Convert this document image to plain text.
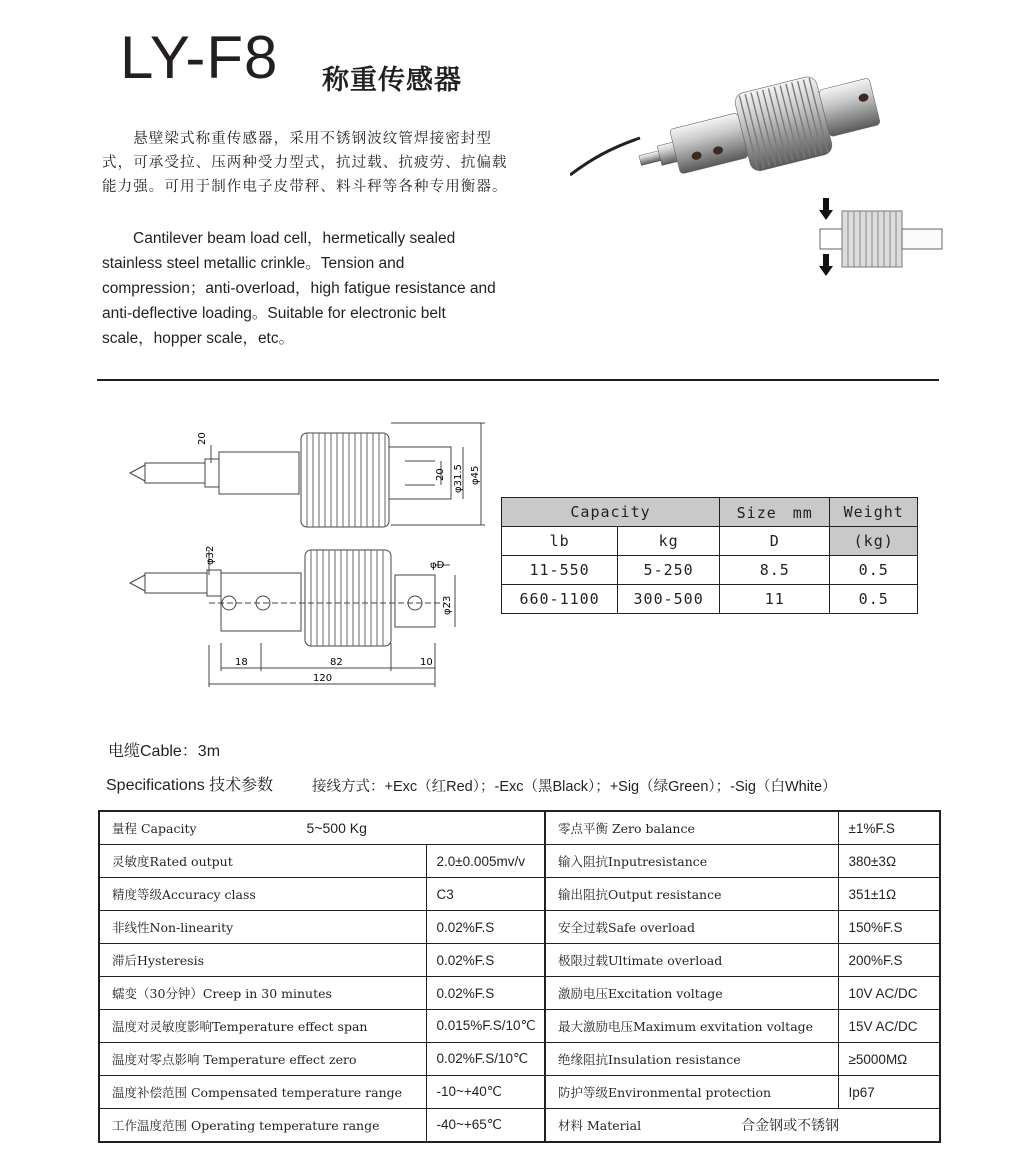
LY-F8 称重传感器
　　悬壁梁式称重传感器，采用不锈钢波纹管焊接密封型
式，可承受拉、压两种受力型式，抗过载、抗疲劳、抗偏载
能力强。可用于制作电子皮带秤、料斗秤等各种专用衡器。
　　Cantilever beam load cell，hermetically sealed
stainless steel metallic crinkle。Tension and
compression；anti-overload，high fatigue resistance and
anti-deflective loading。Suitable for electronic belt
scale，hopper scale，etc。
20
20 φ31.5 φ45
φ32
φD
φ23
18	82	10
120
Capacity		Size　mm	Weight
lb	kg	D	(kg)
11-550	5-250	8.5	0.5
660-1100	300-500	11	0.5
电缆Cable：3m
Specifications 技术参数	接线方式：+Exc（红Red）；-Exc（黑Black）；+Sig（绿Green）；-Sig（白White）
量程 Capacity 5~500 Kg		零点平衡 Zero balance	±1%F.S
灵敏度Rated output	2.0±0.005mv/v	输入阻抗Inputresistance	380±3Ω
精度等级Accuracy class	C3	输出阻抗Output resistance	351±1Ω
非线性Non-linearity	0.02%F.S	安全过载Safe overload	150%F.S
滞后Hysteresis	0.02%F.S	极限过载Ultimate overload	200%F.S
蠕变（30分钟）Creep in 30 minutes	0.02%F.S	激励电压Excitation voltage	10V AC/DC
温度对灵敏度影响Temperature effect span	0.015%F.S/10℃	最大激励电压Maximum exvitation voltage	15V AC/DC
温度对零点影响 Temperature effect zero	0.02%F.S/10℃	绝缘阻抗Insulation resistance	≥5000MΩ
温度补偿范围 Compensated temperature range	-10~+40℃	防护等级Environmental protection	Ip67
工作温度范围 Operating temperature range	-40~+65℃	材料 Material 合金钢或不锈钢	
